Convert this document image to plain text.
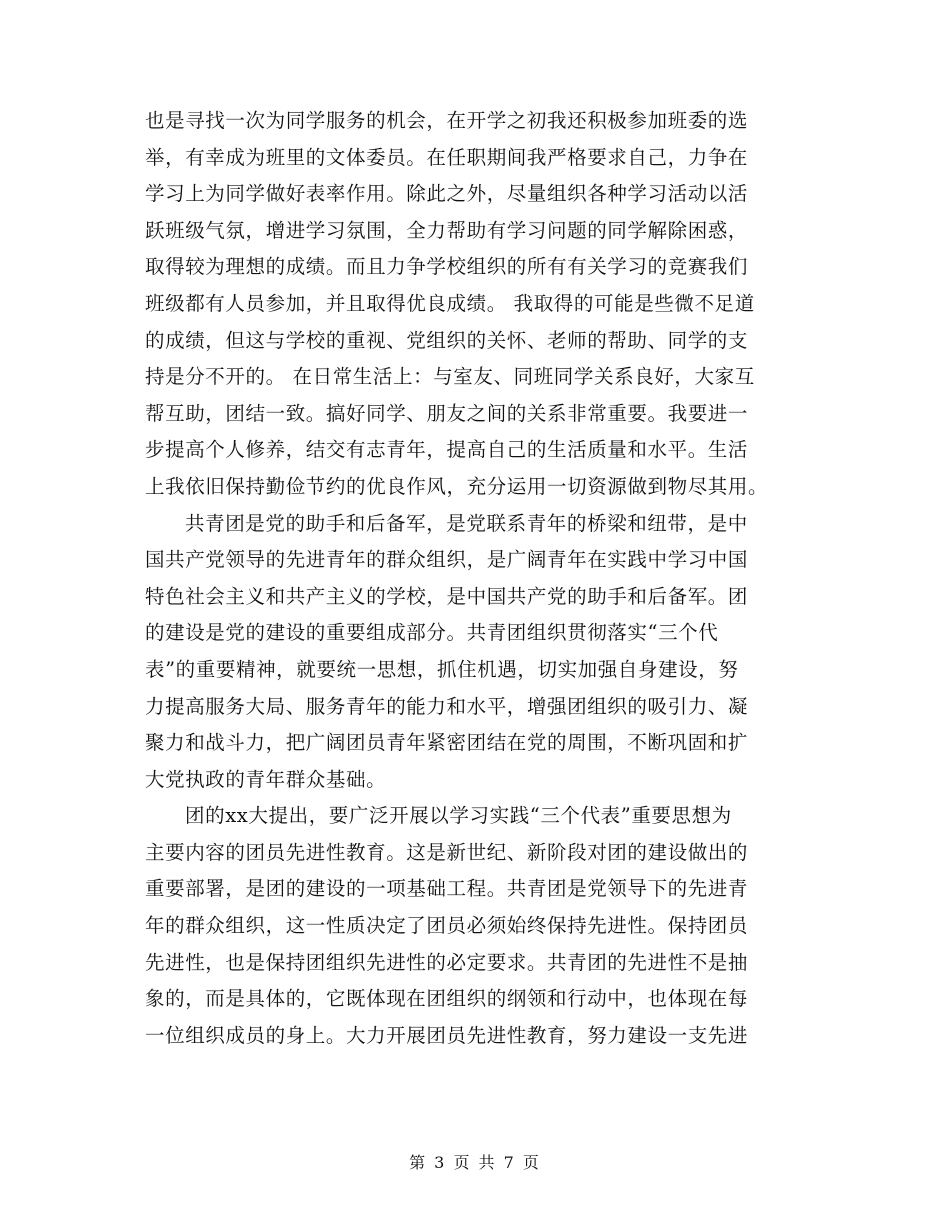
也是寻找一次为同学服务的机会，在开学之初我还积极参加班委的选
举，有幸成为班里的文体委员。在任职期间我严格要求自己，力争在
学习上为同学做好表率作用。除此之外，尽量组织各种学习活动以活
跃班级气氛，增进学习氛围，全力帮助有学习问题的同学解除困惑，
取得较为理想的成绩。而且力争学校组织的所有有关学习的竞赛我们
班级都有人员参加，并且取得优良成绩。 我取得的可能是些微不足道
的成绩，但这与学校的重视、党组织的关怀、老师的帮助、同学的支
持是分不开的。 在日常生活上：与室友、同班同学关系良好，大家互
帮互助，团结一致。搞好同学、朋友之间的关系非常重要。我要进一
步提高个人修养，结交有志青年，提高自己的生活质量和水平。生活
上我依旧保持勤俭节约的优良作风，充分运用一切资源做到物尽其用。
共青团是党的助手和后备军，是党联系青年的桥梁和纽带，是中
国共产党领导的先进青年的群众组织，是广阔青年在实践中学习中国
特色社会主义和共产主义的学校，是中国共产党的助手和后备军。团
的建设是党的建设的重要组成部分。共青团组织贯彻落实“三个代
表”的重要精神，就要统一思想，抓住机遇，切实加强自身建设，努
力提高服务大局、服务青年的能力和水平，增强团组织的吸引力、凝
聚力和战斗力，把广阔团员青年紧密团结在党的周围，不断巩固和扩
大党执政的青年群众基础。
团的xx大提出，要广泛开展以学习实践“三个代表”重要思想为
主要内容的团员先进性教育。这是新世纪、新阶段对团的建设做出的
重要部署，是团的建设的一项基础工程。共青团是党领导下的先进青
年的群众组织，这一性质决定了团员必须始终保持先进性。保持团员
先进性，也是保持团组织先进性的必定要求。共青团的先进性不是抽
象的，而是具体的，它既体现在团组织的纲领和行动中，也体现在每
一位组织成员的身上。大力开展团员先进性教育，努力建设一支先进
第 3 页 共 7 页
